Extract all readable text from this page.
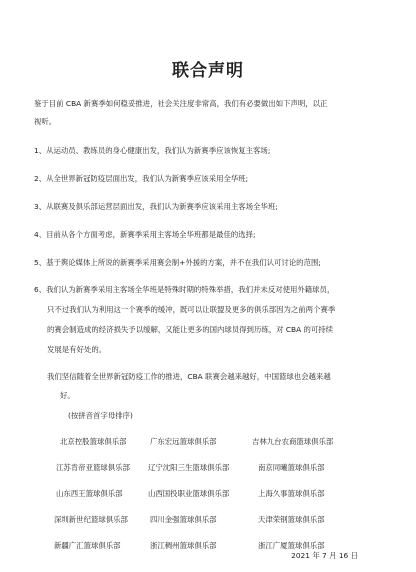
联合声明
鉴于目前 CBA 新赛季如何稳妥推进，社会关注度非常高，我们有必要做出如下声明，以正
视听。
1、从运动员、教练员的身心健康出发，我们认为新赛季应该恢复主客场;
2、从全世界新冠防疫层面出发，我们认为新赛季应该采用全华班;
3、从联赛及俱乐部运营层面出发，我们认为新赛季应该采用主客场全华班;
4、目前从各个方面考虑，新赛季采用主客场全华班都是最佳的选择;
5、基于舆论媒体上所说的新赛季采用赛会制+外援的方案，并不在我们认可讨论的范围;
6、我们认为新赛季采用主客场全华班是特殊时期的特殊举措，我们并未反对使用外籍球员，
只不过我们认为利用这一个赛季的缓冲，既可以让联盟及更多的俱乐部因为之前两个赛季
的赛会制造成的经济损失予以缓解，又能让更多的国内球员得到历练，对 CBA 的可持续
发展是有好处的。
我们坚信随着全世界新冠防疫工作的推进，CBA 联赛会越来越好，中国篮球也会越来越
好。
(按拼音首字母排序)
北京控股篮球俱乐部	广东宏远篮球俱乐部	吉林九台农商篮球俱乐部
江苏肯帝亚篮球俱乐部 辽宁沈阳三生篮球俱乐部	南京同曦篮球俱乐部
山东西王篮球俱乐部	山西国投职业篮球俱乐部	上海久事篮球俱乐部
深圳新世纪篮球俱乐部	四川金强篮球俱乐部	天津荣钢篮球俱乐部
新疆广汇篮球俱乐部	浙江稠州篮球俱乐部	浙江广厦篮球俱乐部
2021 年 7 月 16 日
